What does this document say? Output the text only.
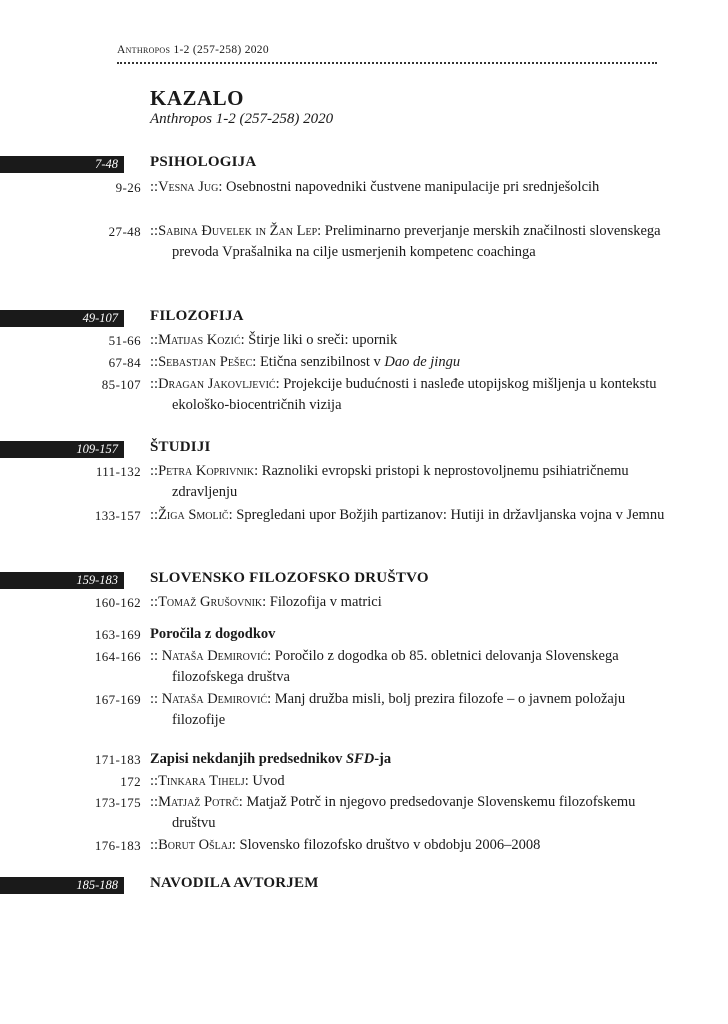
Anthropos 1-2 (257-258) 2020
KAZALO
Anthropos 1-2 (257-258) 2020
7-48	PSIHOLOGIJA
9-26 ::Vesna Jug: Osebnostni napovedniki čustvene manipulacije pri srednješolcih
27-48 ::Sabina Đuvelek in Žan Lep: Preliminarno preverjanje merskih značilnosti slovenskega prevoda Vprašalnika na cilje usmerjenih kompetenc coachinga
49-107	FILOZOFIJA
51-66 ::Matijas Kozić: Štirje liki o sreči: upornik
67-84 ::Sebastjan Pešec: Etična senzibilnost v Dao de jingu
85-107 ::Dragan Jakovljević: Projekcije budućnosti i nasleđe utopijskog mišljenja u kontekstu ekološko-biocentričnih vizija
109-157	ŠTUDIJI
111-132 ::Petra Koprivnik: Raznoliki evropski pristopi k neprostovoljnemu psihiatričnemu zdravljenju
133-157 ::Žiga Smolič: Spregledani upor Božjih partizanov: Hutiji in državljanska vojna v Jemnu
159-183	SLOVENSKO FILOZOFSKO DRUŠTVO
160-162 ::Tomaž Grušovnik: Filozofija v matrici
163-169 Poročila z dogodkov
164-166 :: Nataša Demirović: Poročilo z dogodka ob 85. obletnici delovanja Slovenskega filozofskega društva
167-169 :: Nataša Demirović: Manj družba misli, bolj prezira filozofe – o javnem položaju filozofije
171-183 Zapisi nekdanjih predsednikov SFD-ja
172 ::Tinkara Tihelj: Uvod
173-175 ::Matjaž Potrč: Matjaž Potrč in njegovo predsedovanje Slovenskemu filozofskemu društvu
176-183 ::Borut Ošlaj: Slovensko filozofsko društvo v obdobju 2006–2008
185-188	NAVODILA AVTORJEM
